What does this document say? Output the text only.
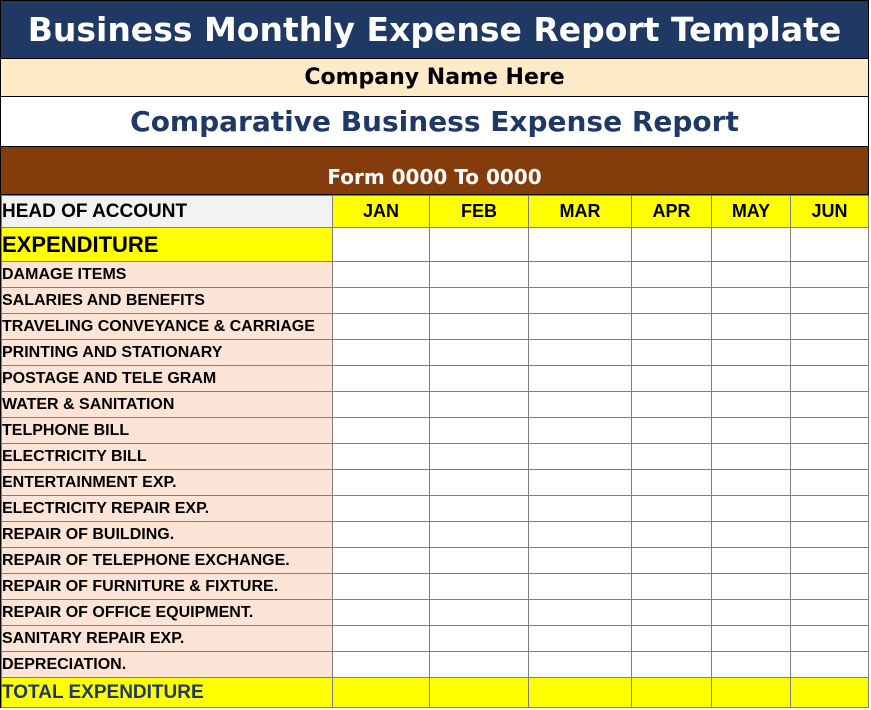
Business Monthly Expense Report Template
Company Name Here
Comparative Business Expense Report
Form 0000 To 0000
HEAD OF ACCOUNT	JAN	FEB	MAR	APR	MAY	JUN
EXPENDITURE						
DAMAGE ITEMS						
SALARIES AND BENEFITS						
TRAVELING CONVEYANCE & CARRIAGE						
PRINTING AND STATIONARY						
POSTAGE AND TELE GRAM						
WATER & SANITATION						
TELPHONE BILL						
ELECTRICITY BILL						
ENTERTAINMENT EXP.						
ELECTRICITY REPAIR EXP.						
REPAIR OF BUILDING.						
REPAIR OF TELEPHONE EXCHANGE.						
REPAIR OF FURNITURE & FIXTURE.						
REPAIR OF OFFICE EQUIPMENT.						
SANITARY REPAIR EXP.						
DEPRECIATION.						
TOTAL EXPENDITURE						
